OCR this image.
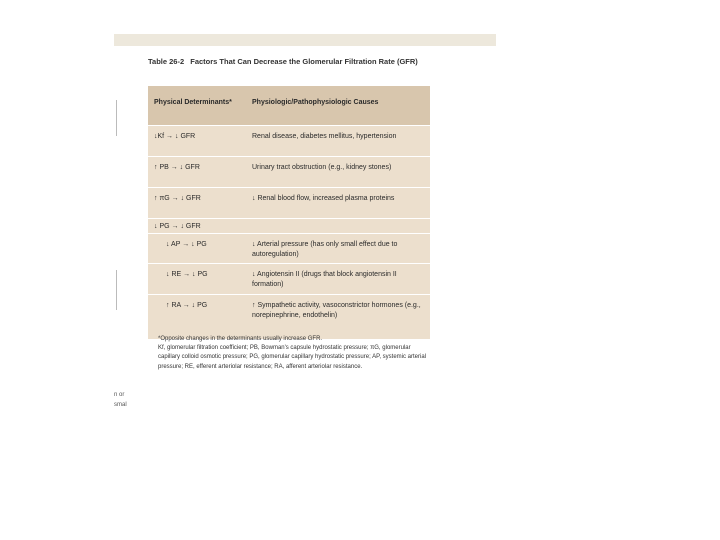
Table 26-2 Factors That Can Decrease the Glomerular Filtration Rate (GFR)
Physical Determinants*	Physiologic/Pathophysiologic Causes
↓Kf → ↓ GFR	Renal disease, diabetes mellitus, hypertension
↑ PB → ↓ GFR	Urinary tract obstruction (e.g., kidney stones)
↑ πG → ↓ GFR	↓ Renal blood flow, increased plasma proteins
↓ PG → ↓ GFR
↓ AP → ↓ PG	↓ Arterial pressure (has only small effect due to autoregulation)
↓ RE → ↓ PG	↓ Angiotensin II (drugs that block angiotensin II formation)
↑ RA → ↓ PG	↑ Sympathetic activity, vasoconstrictor hormones (e.g., norepinephrine, endothelin)
*Opposite changes in the determinants usually increase GFR.
Kf, glomerular filtration coefficient; PB, Bowman's capsule hydrostatic pressure; πG, glomerular capillary colloid osmotic pressure; PG, glomerular capillary hydrostatic pressure; AP, systemic arterial pressure; RE, efferent arteriolar resistance; RA, afferent arteriolar resistance.
n or
smal
